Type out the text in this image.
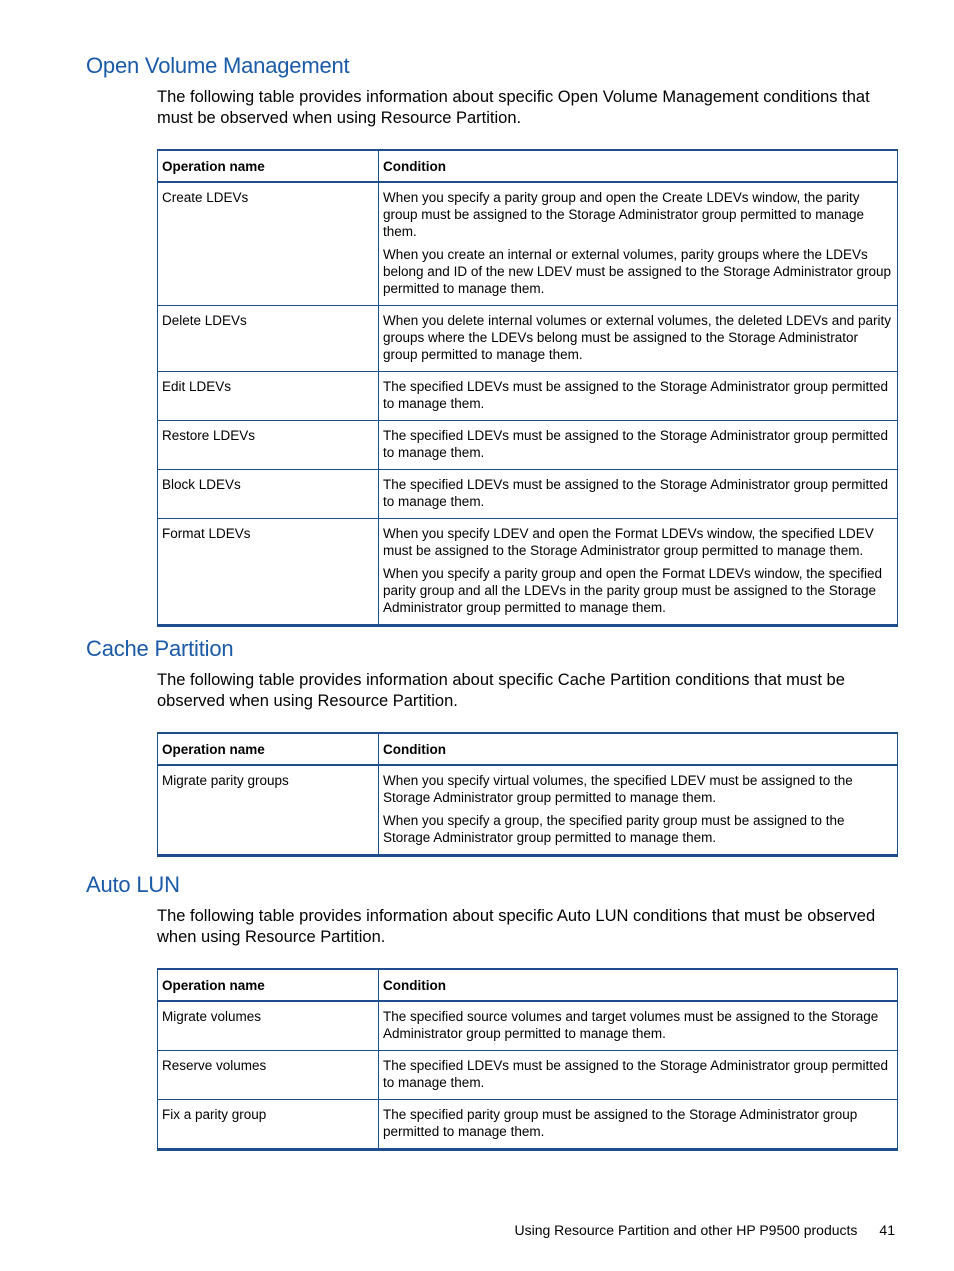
Open Volume Management

The following table provides information about specific Open Volume Management conditions that must be observed when using Resource Partition.

Operation name	Condition
Create LDEVs	When you specify a parity group and open the Create LDEVs window, the parity group must be assigned to the Storage Administrator group permitted to manage them.

When you create an internal or external volumes, parity groups where the LDEVs belong and ID of the new LDEV must be assigned to the Storage Administrator group permitted to manage them.

Delete LDEVs	When you delete internal volumes or external volumes, the deleted LDEVs and parity groups where the LDEVs belong must be assigned to the Storage Administrator group permitted to manage them.

Edit LDEVs	The specified LDEVs must be assigned to the Storage Administrator group permitted to manage them.

Restore LDEVs	The specified LDEVs must be assigned to the Storage Administrator group permitted to manage them.

Block LDEVs	The specified LDEVs must be assigned to the Storage Administrator group permitted to manage them.

Format LDEVs	When you specify LDEV and open the Format LDEVs window, the specified LDEV must be assigned to the Storage Administrator group permitted to manage them.

When you specify a parity group and open the Format LDEVs window, the specified parity group and all the LDEVs in the parity group must be assigned to the Storage Administrator group permitted to manage them.

Cache Partition

The following table provides information about specific Cache Partition conditions that must be observed when using Resource Partition.

Operation name	Condition
Migrate parity groups	When you specify virtual volumes, the specified LDEV must be assigned to the Storage Administrator group permitted to manage them.

When you specify a group, the specified parity group must be assigned to the Storage Administrator group permitted to manage them.

Auto LUN

The following table provides information about specific Auto LUN conditions that must be observed when using Resource Partition.

Operation name	Condition
Migrate volumes	The specified source volumes and target volumes must be assigned to the Storage Administrator group permitted to manage them.

Reserve volumes	The specified LDEVs must be assigned to the Storage Administrator group permitted to manage them.

Fix a parity group	The specified parity group must be assigned to the Storage Administrator group permitted to manage them.

Using Resource Partition and other HP P9500 products 41
